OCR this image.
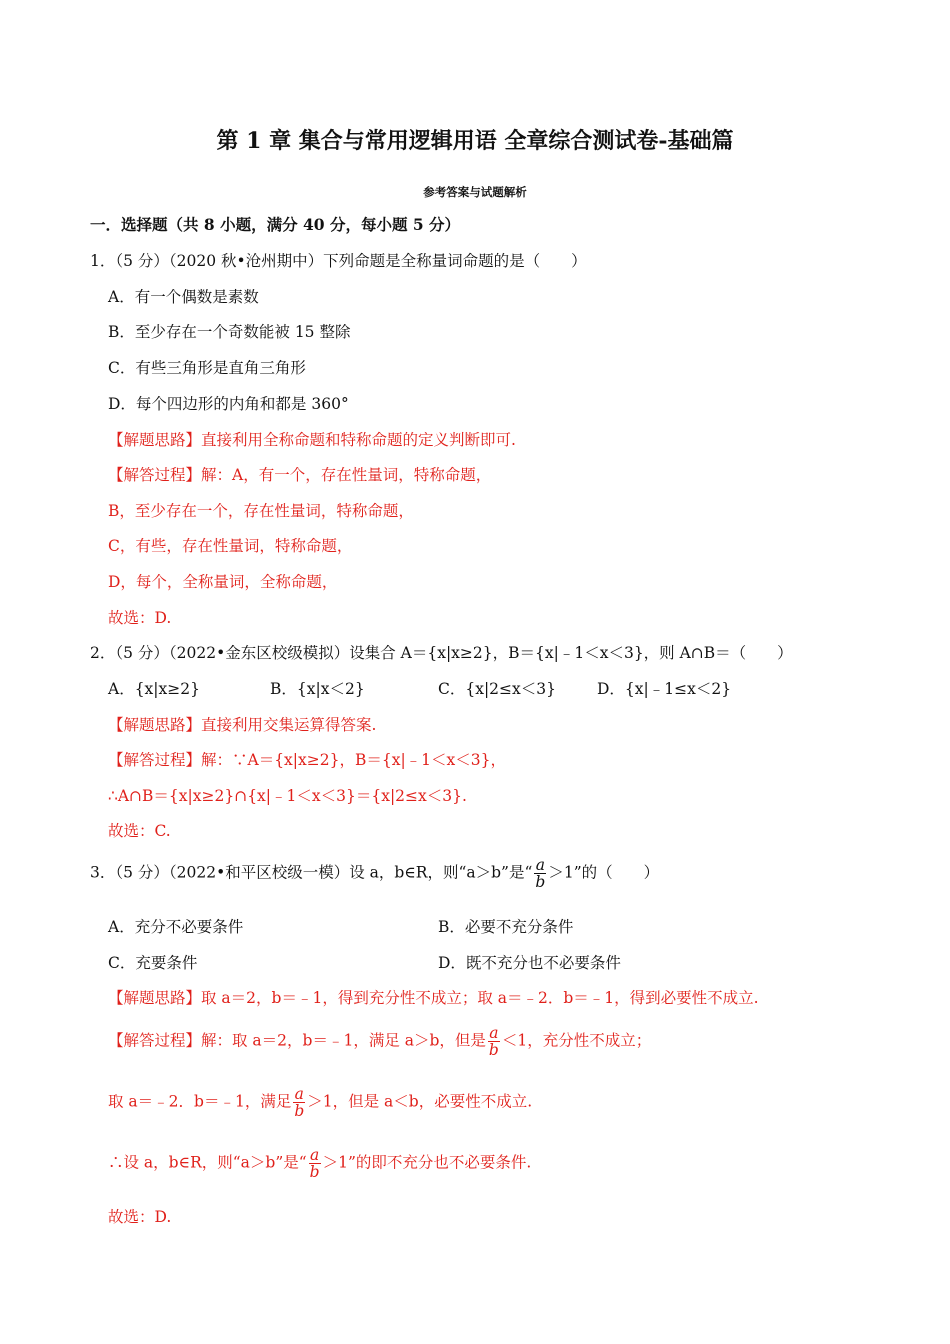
第 1 章 集合与常用逻辑用语 全章综合测试卷-基础篇
参考答案与试题解析
一．选择题（共 8 小题，满分 40 分，每小题 5 分）
1．（5 分）（2020 秋•沧州期中）下列命题是全称量词命题的是（　　）
A．有一个偶数是素数
B．至少存在一个奇数能被 15 整除
C．有些三角形是直角三角形
D．每个四边形的内角和都是 360°
【解题思路】直接利用全称命题和特称命题的定义判断即可.
【解答过程】解：A，有一个，存在性量词，特称命题，
B，至少存在一个，存在性量词，特称命题，
C，有些，存在性量词，特称命题，
D，每个，全称量词，全称命题，
故选：D.
2．（5 分）（2022•金东区校级模拟）设集合 A＝{x|x≥2}，B＝{x|﹣1＜x＜3}，则 A∩B＝（　　）
A．{x|x≥2}	B．{x|x＜2}	C．{x|2≤x＜3}	D．{x|﹣1≤x＜2}
【解题思路】直接利用交集运算得答案.
【解答过程】解：∵A＝{x|x≥2}，B＝{x|﹣1＜x＜3}，
∴A∩B＝{x|x≥2}∩{x|﹣1＜x＜3}＝{x|2≤x＜3}.
故选：C.
3．（5 分）（2022•和平区校级一模）设 a，b∈R，则“a＞b”是“ $\frac{a}{b} >1$”的（　　）
A．充分不必要条件	B．必要不充分条件
C．充要条件	D．既不充分也不必要条件
【解题思路】取 a＝2，b＝﹣1，得到充分性不成立；取 a＝﹣2．b＝﹣1，得到必要性不成立.
【解答过程】解：取 a＝2，b＝﹣1，满足 a＞b，但是 $\frac{a}{b} <1$，充分性不成立；
取 a＝﹣2．b＝﹣1，满足 $\frac{a}{b} >1$，但是 a＜b，必要性不成立.
∴设 a，b∈R，则“a＞b”是“ $\frac{a}{b} >1$”的即不充分也不必要条件.
故选：D.
